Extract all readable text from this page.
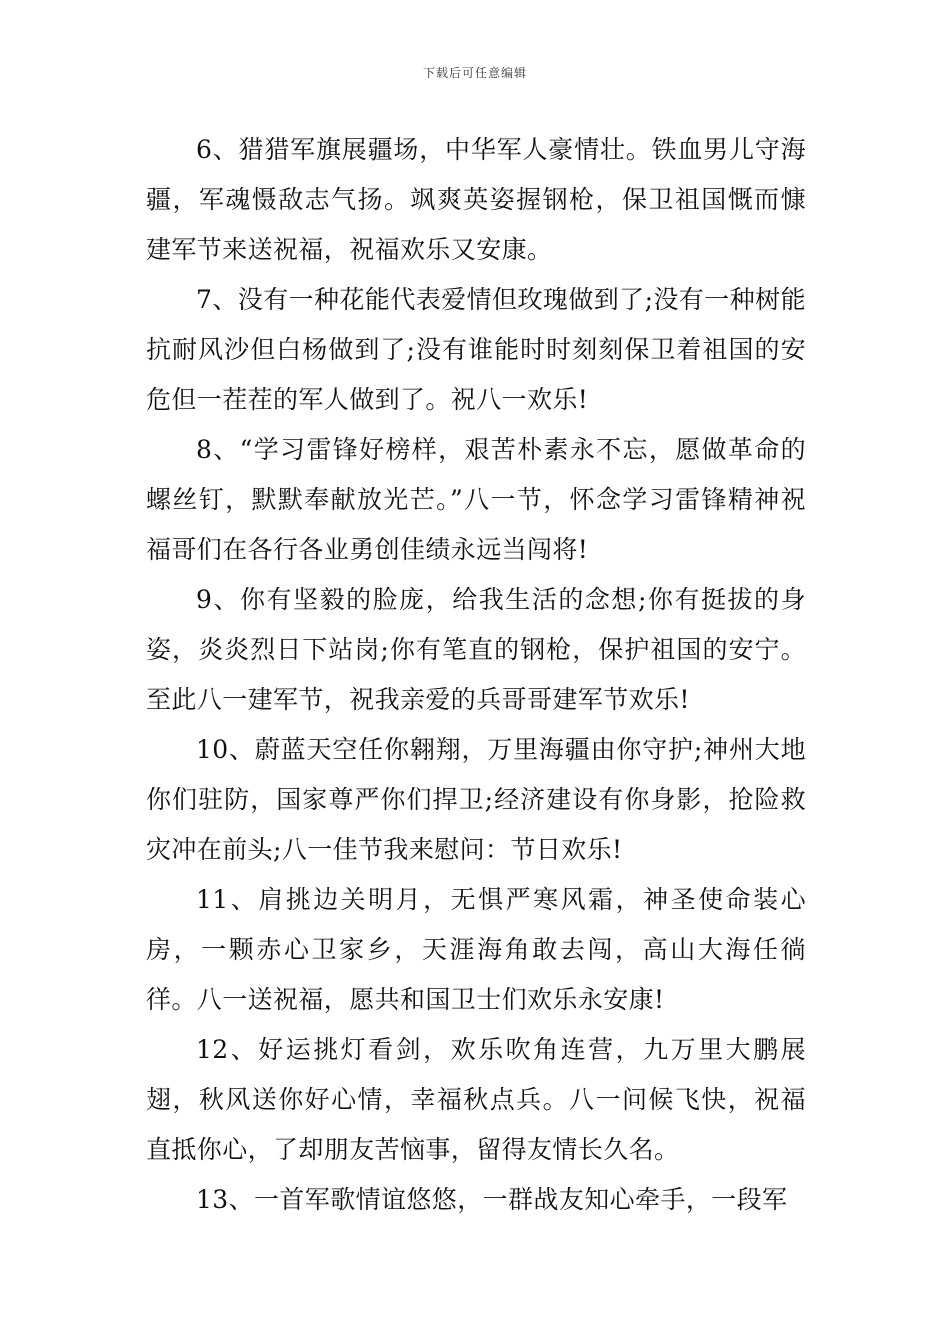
下载后可任意编辑

6、猎猎军旗展疆场，中华军人豪情壮。铁血男儿守海疆，军魂慑敌志气扬。飒爽英姿握钢枪，保卫祖国慨而慷建军节来送祝福，祝福欢乐又安康。

7、没有一种花能代表爱情但玫瑰做到了;没有一种树能抗耐风沙但白杨做到了;没有谁能时时刻刻保卫着祖国的安危但一茬茬的军人做到了。祝八一欢乐!

8、“学习雷锋好榜样，艰苦朴素永不忘，愿做革命的螺丝钉，默默奉献放光芒。”八一节，怀念学习雷锋精神祝福哥们在各行各业勇创佳绩永远当闯将!

9、你有坚毅的脸庞，给我生活的念想;你有挺拔的身姿，炎炎烈日下站岗;你有笔直的钢枪，保护祖国的安宁。至此八一建军节，祝我亲爱的兵哥哥建军节欢乐!

10、蔚蓝天空任你翱翔，万里海疆由你守护;神州大地你们驻防，国家尊严你们捍卫;经济建设有你身影，抢险救灾冲在前头;八一佳节我来慰问：节日欢乐!

11、肩挑边关明月，无惧严寒风霜，神圣使命装心房，一颗赤心卫家乡，天涯海角敢去闯，高山大海任徜徉。八一送祝福，愿共和国卫士们欢乐永安康!

12、好运挑灯看剑，欢乐吹角连营，九万里大鹏展翅，秋风送你好心情，幸福秋点兵。八一问候飞快，祝福直抵你心，了却朋友苦恼事，留得友情长久名。

13、一首军歌情谊悠悠，一群战友知心牵手，一段军
